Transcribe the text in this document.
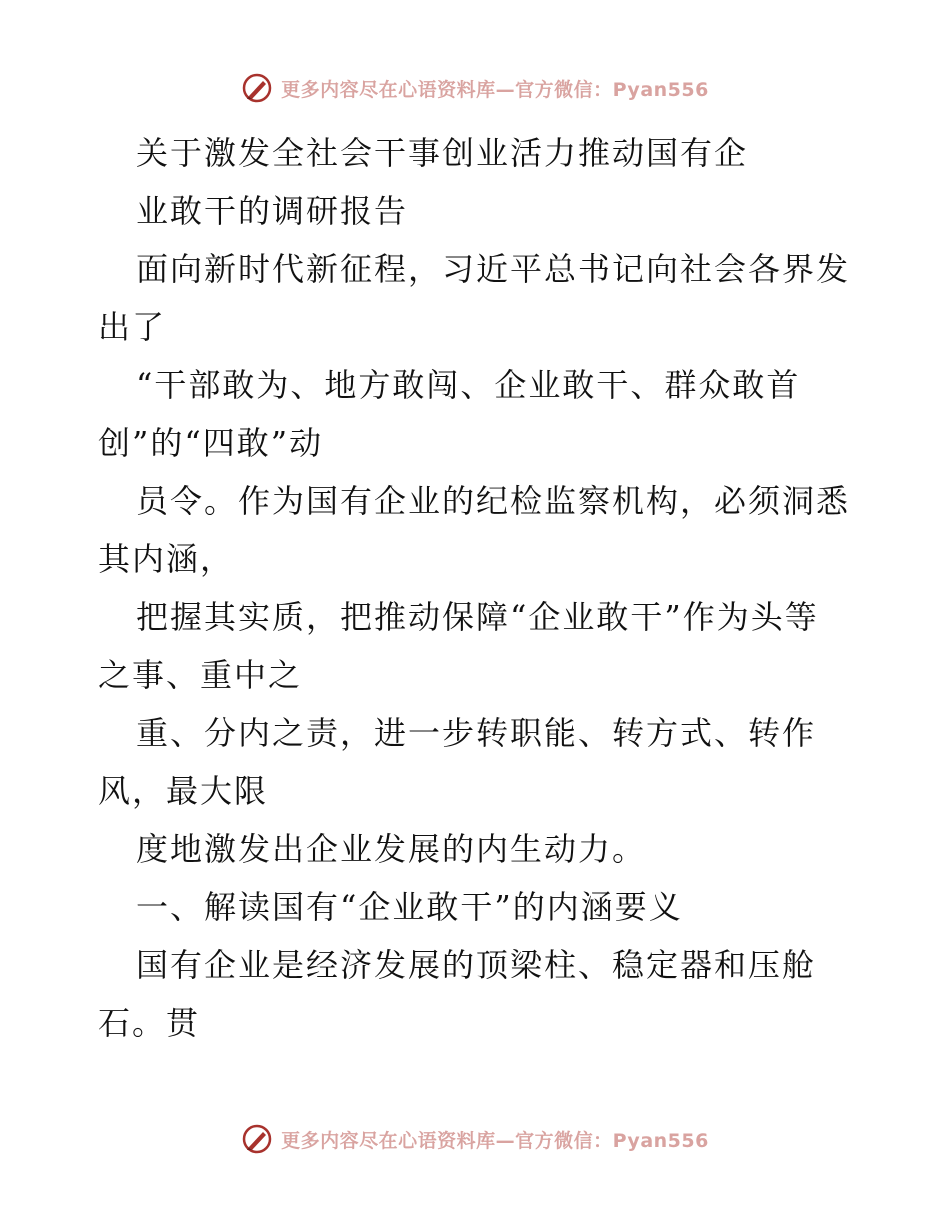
更多内容尽在心语资料库—官方微信：Pyan556

关于激发全社会干事创业活力推动国有企

业敢干的调研报告

面向新时代新征程，习近平总书记向社会各界发

出了

“干部敢为、地方敢闯、企业敢干、群众敢首

创”的“四敢”动

员令。作为国有企业的纪检监察机构，必须洞悉

其内涵，

把握其实质，把推动保障“企业敢干”作为头等

之事、重中之

重、分内之责，进一步转职能、转方式、转作

风，最大限

度地激发出企业发展的内生动力。

一、解读国有“企业敢干”的内涵要义

国有企业是经济发展的顶梁柱、稳定器和压舱

石。贯

更多内容尽在心语资料库—官方微信：Pyan556
